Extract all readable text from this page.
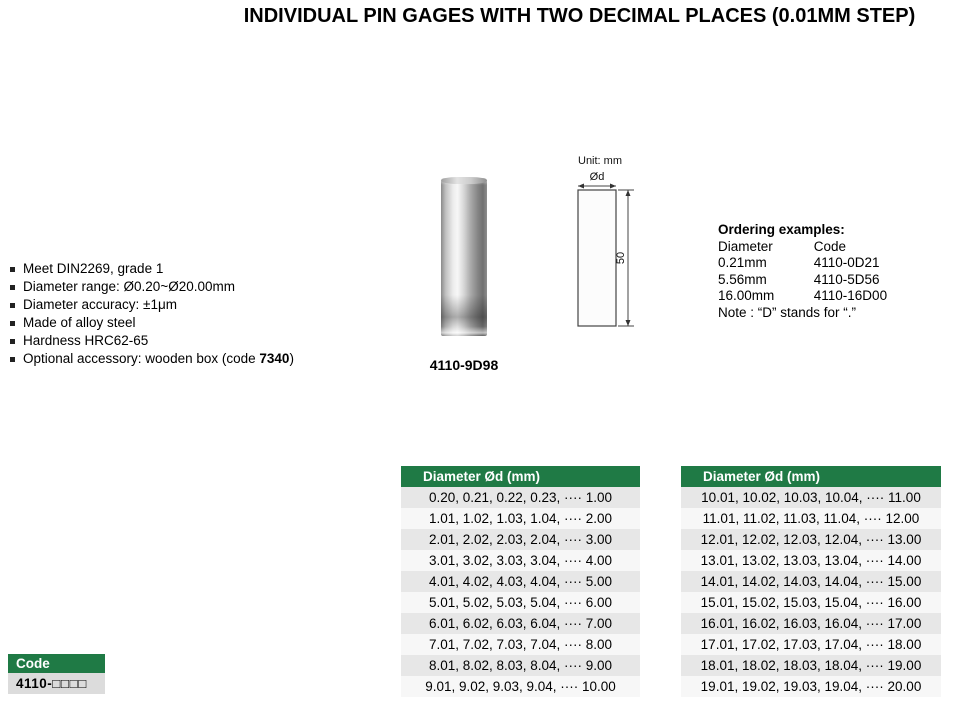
INDIVIDUAL PIN GAGES WITH TWO DECIMAL PLACES (0.01MM STEP)
Meet DIN2269, grade 1
Diameter range: Ø0.20~Ø20.00mm
Diameter accuracy: ±1μm
Made of alloy steel
Hardness HRC62-65
Optional accessory: wooden box (code 7340)	4110-9D98
Unit: mm
Ød
50
Ordering examples:
Diameter	Code
0.21mm	4110-0D21
5.56mm	4110-5D56
16.00mm	4110-16D00
Note : “D” stands for “.”
Code
4110-□□□□
Diameter Ød (mm)
0.20, 0.21, 0.22, 0.23, ···· 1.00
1.01, 1.02, 1.03, 1.04, ···· 2.00
2.01, 2.02, 2.03, 2.04, ···· 3.00
3.01, 3.02, 3.03, 3.04, ···· 4.00
4.01, 4.02, 4.03, 4.04, ···· 5.00
5.01, 5.02, 5.03, 5.04, ···· 6.00
6.01, 6.02, 6.03, 6.04, ···· 7.00
7.01, 7.02, 7.03, 7.04, ···· 8.00
8.01, 8.02, 8.03, 8.04, ···· 9.00
9.01, 9.02, 9.03, 9.04, ···· 10.00
Diameter Ød (mm)
10.01, 10.02, 10.03, 10.04, ···· 11.00
11.01, 11.02, 11.03, 11.04, ···· 12.00
12.01, 12.02, 12.03, 12.04, ···· 13.00
13.01, 13.02, 13.03, 13.04, ···· 14.00
14.01, 14.02, 14.03, 14.04, ···· 15.00
15.01, 15.02, 15.03, 15.04, ···· 16.00
16.01, 16.02, 16.03, 16.04, ···· 17.00
17.01, 17.02, 17.03, 17.04, ···· 18.00
18.01, 18.02, 18.03, 18.04, ···· 19.00
19.01, 19.02, 19.03, 19.04, ···· 20.00
